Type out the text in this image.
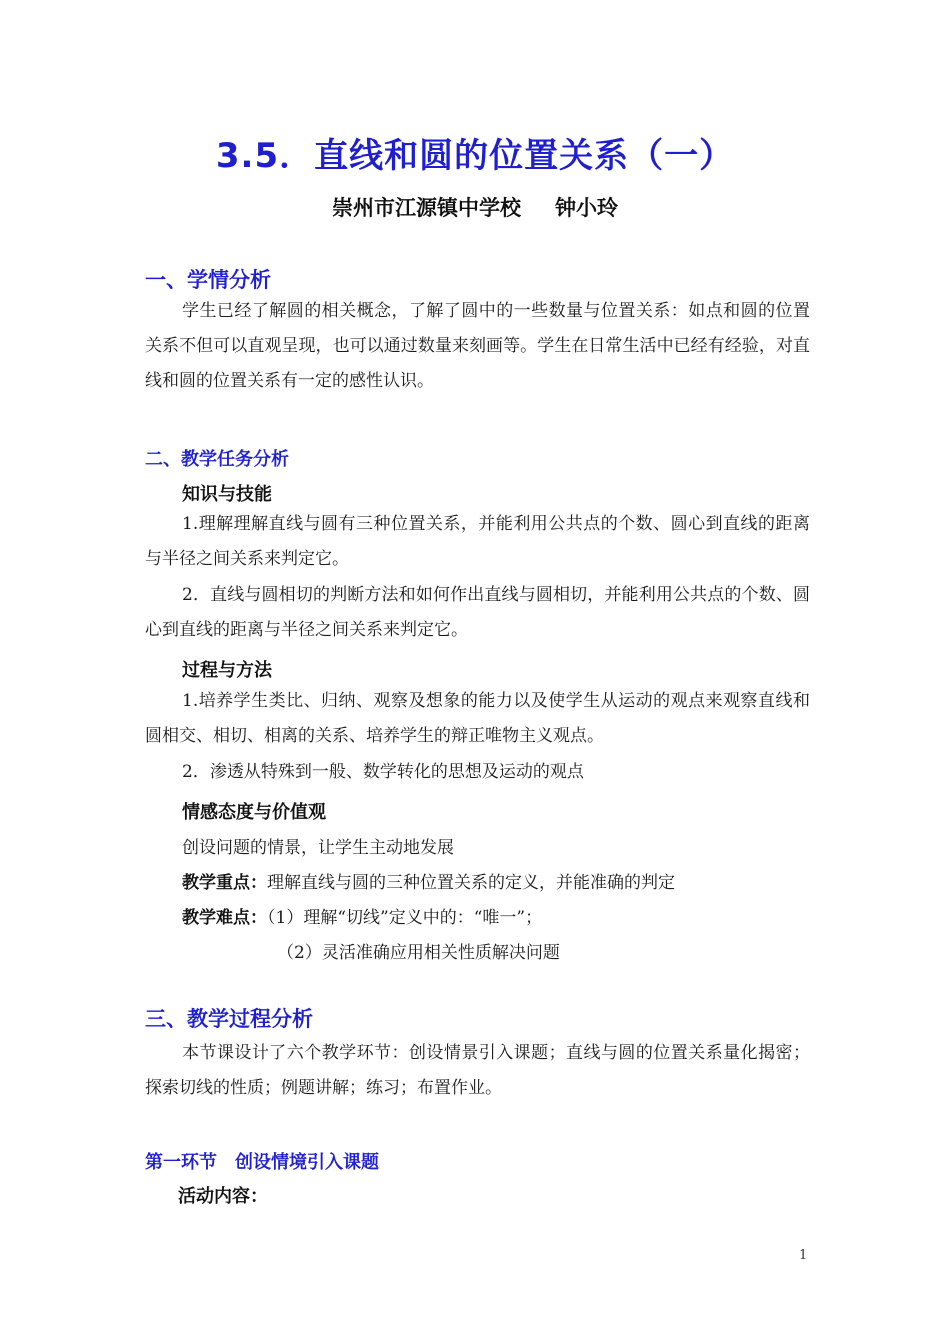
3.5．直线和圆的位置关系（一）
崇州市江源镇中学校 钟小玲
一、学情分析
学生已经了解圆的相关概念，了解了圆中的一些数量与位置关系：如点和圆的位置关系不但可以直观呈现，也可以通过数量来刻画等。学生在日常生活中已经有经验，对直线和圆的位置关系有一定的感性认识。
二、教学任务分析
知识与技能
1.理解理解直线与圆有三种位置关系，并能利用公共点的个数、圆心到直线的距离与半径之间关系来判定它。
2．直线与圆相切的判断方法和如何作出直线与圆相切，并能利用公共点的个数、圆心到直线的距离与半径之间关系来判定它。
过程与方法
1.培养学生类比、归纳、观察及想象的能力以及使学生从运动的观点来观察直线和圆相交、相切、相离的关系、培养学生的辩正唯物主义观点。
2．渗透从特殊到一般、数学转化的思想及运动的观点
情感态度与价值观
创设问题的情景，让学生主动地发展
教学重点：理解直线与圆的三种位置关系的定义，并能准确的判定
教学难点：（1）理解“切线”定义中的：“唯一”；
（2）灵活准确应用相关性质解决问题
三、教学过程分析
本节课设计了六个教学环节：创设情景引入课题；直线与圆的位置关系量化揭密；探索切线的性质；例题讲解；练习；布置作业。
第一环节　创设情境引入课题
活动内容：
1
